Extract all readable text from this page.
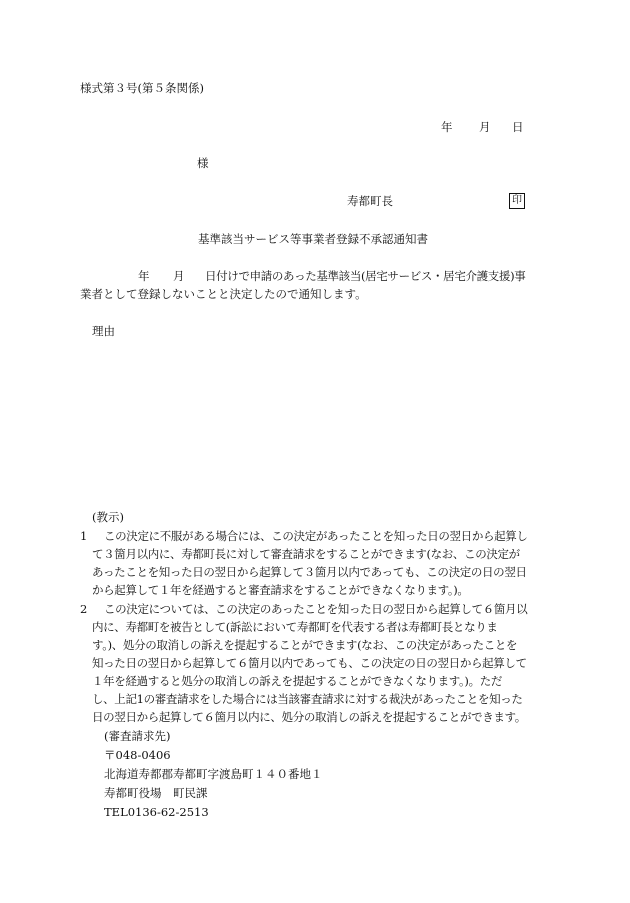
様式第３号(第５条関係)
年 月 日
様
寿都町長	印
基準該当サービス等事業者登録不承認通知書
年 月 日付けで申請のあった基準該当(居宅サービス・居宅介護支援)事
業者として登録しないことと決定したので通知します。
理由
(教示)
1 この決定に不服がある場合には、この決定があったことを知った日の翌日から起算し
て３箇月以内に、寿都町長に対して審査請求をすることができます(なお、この決定が
あったことを知った日の翌日から起算して３箇月以内であっても、この決定の日の翌日
から起算して１年を経過すると審査請求をすることができなくなります。)。
2 この決定については、この決定のあったことを知った日の翌日から起算して６箇月以
内に、寿都町を被告として(訴訟において寿都町を代表する者は寿都町長となりま
す。)、処分の取消しの訴えを提起することができます(なお、この決定があったことを
知った日の翌日から起算して６箇月以内であっても、この決定の日の翌日から起算して
１年を経過すると処分の取消しの訴えを提起することができなくなります。)。ただ
し、上記1の審査請求をした場合には当該審査請求に対する裁決があったことを知った
日の翌日から起算して６箇月以内に、処分の取消しの訴えを提起することができます。
(審査請求先)
〒048-0406
北海道寿都郡寿都町字渡島町１４０番地１
寿都町役場　町民課
TEL0136-62-2513
